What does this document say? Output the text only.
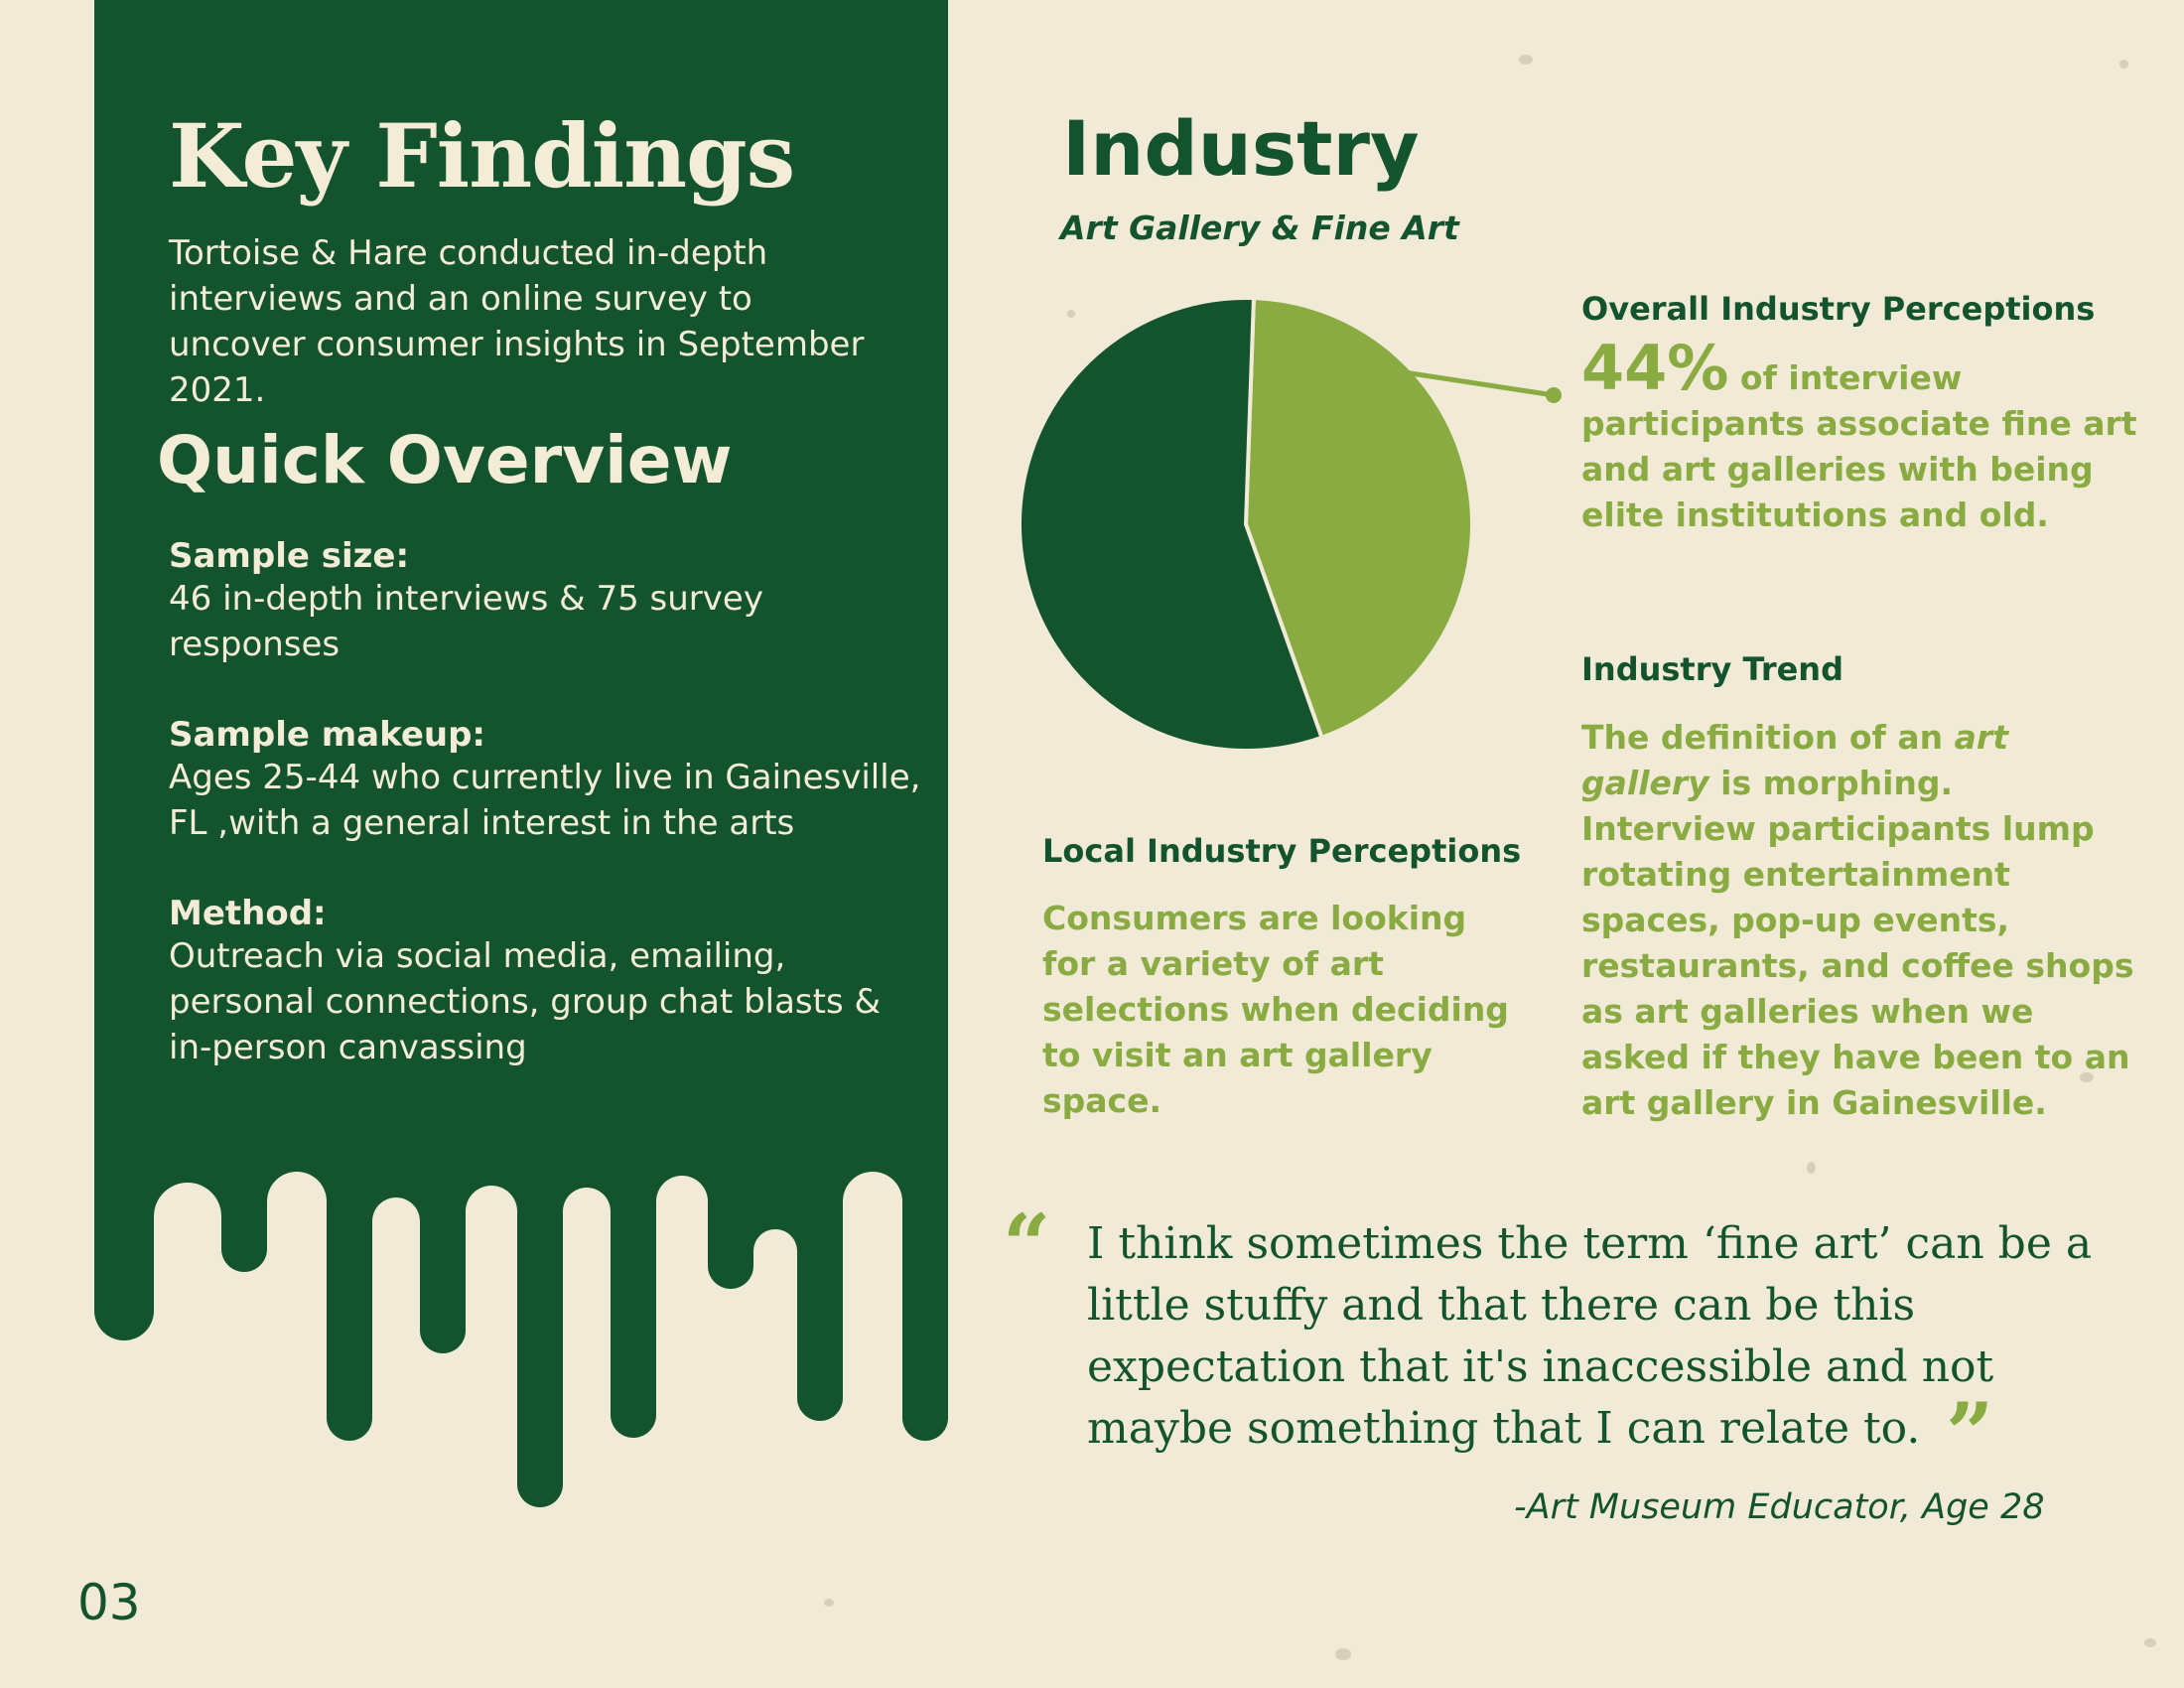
Key Findings
Tortoise & Hare conducted in-depth interviews and an online survey to uncover consumer insights in September 2021.
Quick Overview

Sample size:

46 in-depth interviews & 75 survey responses

Sample makeup:

Ages 25-44 who currently live in Gainesville, FL ,with a general interest in the arts

Method:

Outreach via social media, emailing, personal connections, group chat blasts & in-person canvassing

03
Industry
Art Gallery & Fine Art
Overall Industry Perceptions
44% of interview participants associate fine art and art galleries with being elite institutions and old.
Industry Trend
The definition of an art gallery is morphing. Interview participants lump rotating entertainment spaces, pop-up events, restaurants, and coffee shops as art galleries when we asked if they have been to an art gallery in Gainesville.
Local Industry Perceptions
Consumers are looking for a variety of art selections when deciding to visit an art gallery space.
“ I think sometimes the term ‘fine art’ can be a little stuffy and that there can be this expectation that it's inaccessible and not maybe something that I can relate to. ”
-Art Museum Educator, Age 28
